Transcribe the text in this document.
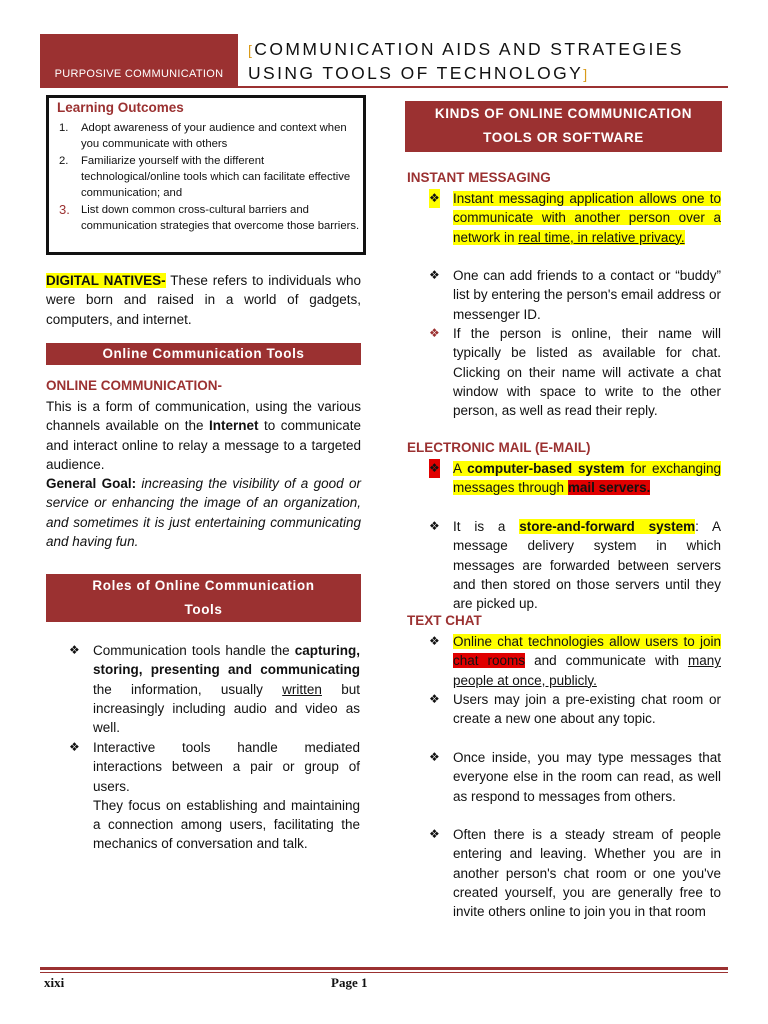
PURPOSIVE COMMUNICATION
[COMMUNICATION AIDS AND STRATEGIES
USING TOOLS OF TECHNOLOGY]
Learning Outcomes
1. Adopt awareness of your audience and context when you communicate with others
2. Familiarize yourself with the different technological/online tools which can facilitate effective communication; and
3. List down common cross-cultural barriers and communication strategies that overcome those barriers.
DIGITAL NATIVES- These refers to individuals who were born and raised in a world of gadgets, computers, and internet.
Online Communication Tools
ONLINE COMMUNICATION-
This is a form of communication, using the various channels available on the Internet to communicate and interact online to relay a message to a targeted audience.
General Goal: increasing the visibility of a good or service or enhancing the image of an organization, and sometimes it is just entertaining communicating and having fun.
Roles of Online Communication Tools
❖ Communication tools handle the capturing, storing, presenting and communicating the information, usually written but increasingly including audio and video as well.
❖ Interactive tools handle mediated interactions between a pair or group of users.
They focus on establishing and maintaining a connection among users, facilitating the mechanics of conversation and talk.
KINDS OF ONLINE COMMUNICATION TOOLS OR SOFTWARE
INSTANT MESSAGING
❖ Instant messaging application allows one to communicate with another person over a network in real time, in relative privacy.
❖ One can add friends to a contact or “buddy” list by entering the person's email address or messenger ID.
❖ If the person is online, their name will typically be listed as available for chat. Clicking on their name will activate a chat window with space to write to the other person, as well as read their reply.
ELECTRONIC MAIL (E-MAIL)
❖ A computer-based system for exchanging messages through mail servers.
❖ It is a store-and-forward system: A message delivery system in which messages are forwarded between servers and then stored on those servers until they are picked up.
TEXT CHAT
❖ Online chat technologies allow users to join chat rooms and communicate with many people at once, publicly.
❖ Users may join a pre-existing chat room or create a new one about any topic.
❖ Once inside, you may type messages that everyone else in the room can read, as well as respond to messages from others.
❖ Often there is a steady stream of people entering and leaving. Whether you are in another person's chat room or one you've created yourself, you are generally free to invite others online to join you in that room
xixi	Page 1
